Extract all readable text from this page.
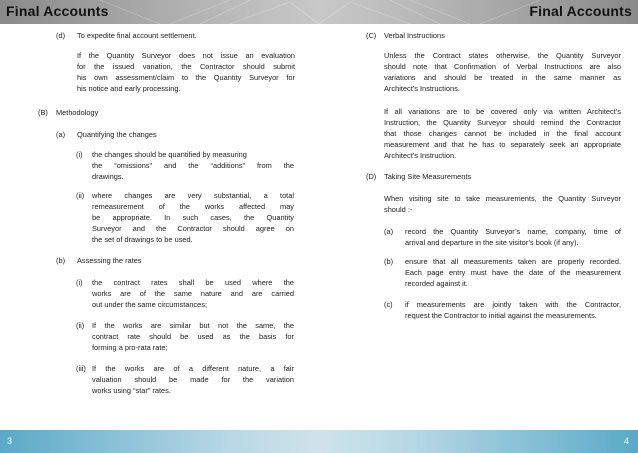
Final Accounts	Final Accounts
(d) To expedite final account settlement.
If the Quantity Surveyor does not issue an evaluation
for the issued variation, the Contractor should submit
his own assessment/claim to the Quantity Surveyor for
his notice and early processing.
(B) Methodology
(a) Quantifying the changes
(i) the changes should be quantified by measuring
the “omissions” and the “additions” from the
drawings.
(ii) where changes are very substantial, a total
remeasurement of the works affected may
be appropriate. In such cases, the Quantity
Surveyor and the Contractor should agree on
the set of drawings to be used.
(b) Assessing the rates
(i) the contract rates shall be used where the
works are of the same nature and are carried
out under the same circumstances;
(ii) If the works are similar but not the same, the
contract rate should be used as the basis for
forming a pro-rata rate;
(iii) If the works are of a different nature, a fair
valuation should be made for the variation
works using “star” rates.
(C) Verbal Instructions
Unless the Contract states otherwise, the Quantity Surveyor
should note that Confirmation of Verbal Instructions are also
variations and should be treated in the same manner as
Architect’s Instructions.
If all variations are to be covered only via written Architect’s
Instruction, the Quantity Surveyor should remind the Contractor
that those changes cannot be included in the final account
measurement and that he has to separately seek an appropriate
Architect’s Instruction.
(D) Taking Site Measurements
When visiting site to take measurements, the Quantity Surveyor
should :-
(a) record the Quantity Surveyor’s name, company, time of
arrival and departure in the site visitor’s book (if any).
(b) ensure that all measurements taken are properly recorded.
Each page entry must have the date of the measurement
recorded against it.
(c) if measurements are jointly taken with the Contractor,
request the Contractor to initial against the measurements.
3	4
